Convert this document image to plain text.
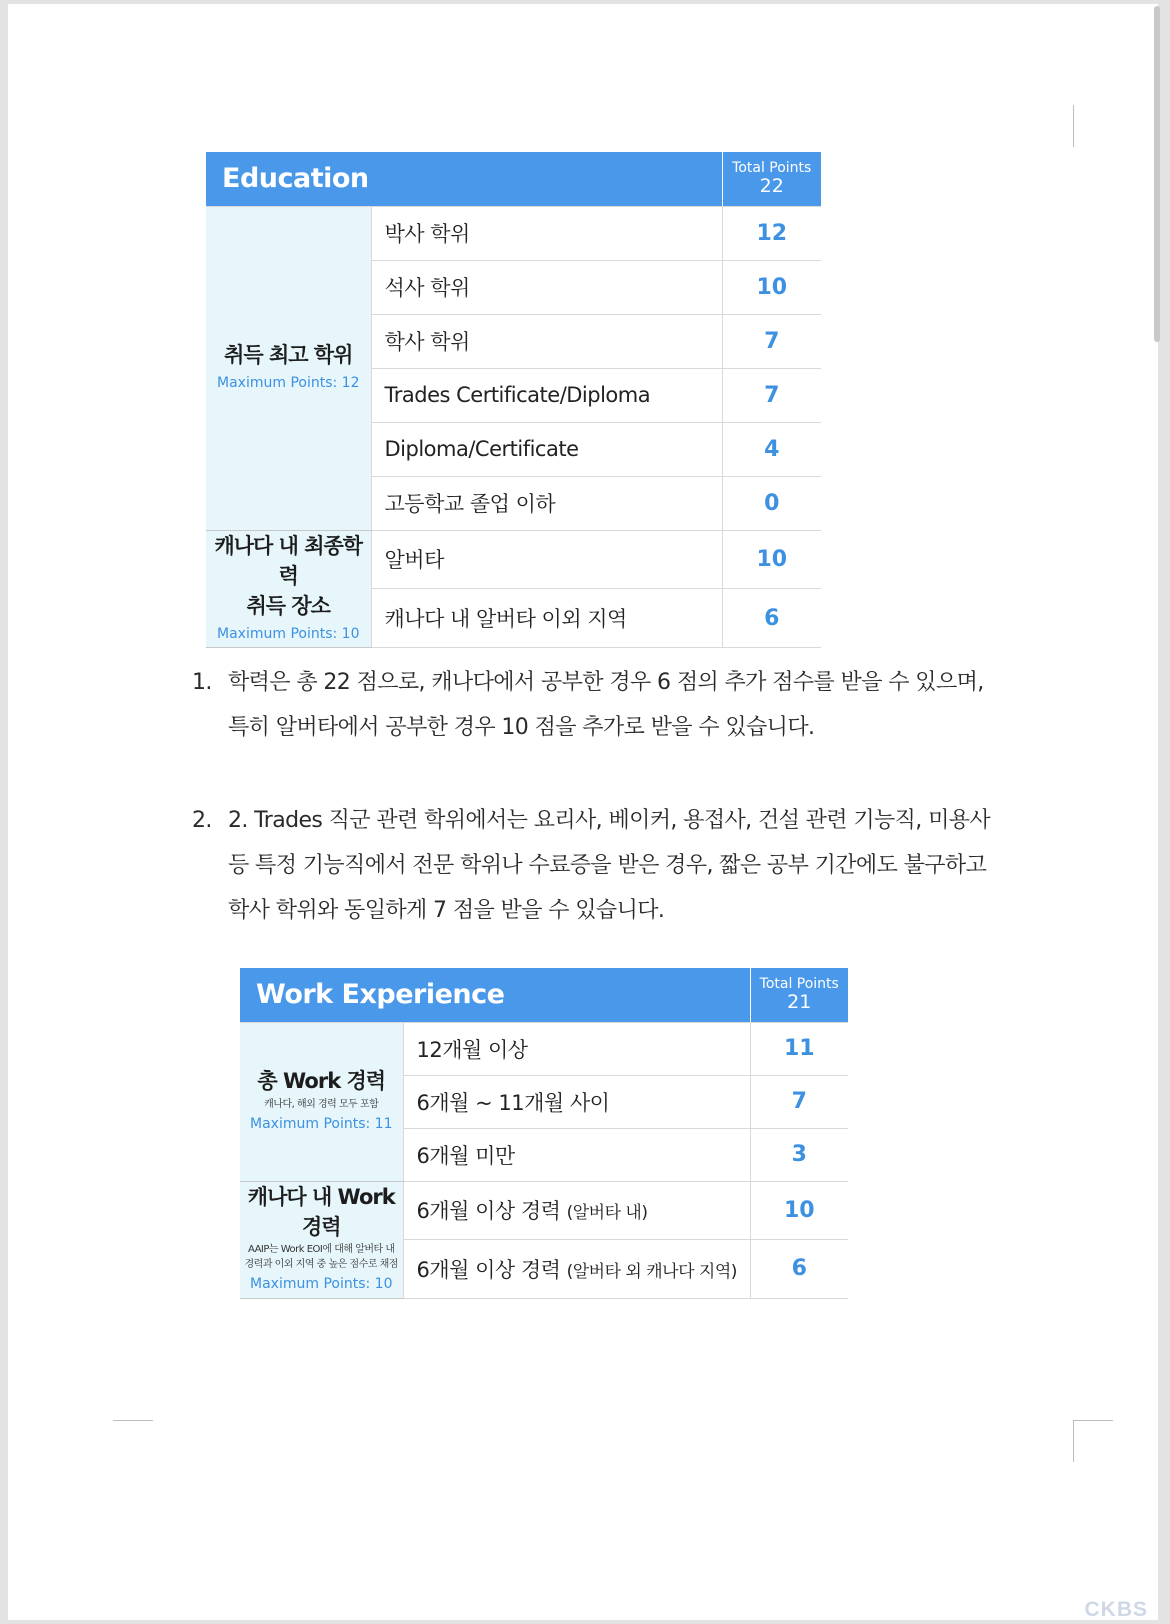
Education		Total Points
22

취득 최고 학위
Maximum Points: 12	박사 학위	12
	석사 학위	10
	학사 학위	7
	Trades Certificate/Diploma	7
	Diploma/Certificate	4
	고등학교 졸업 이하	0

캐나다 내 최종학력
취득 장소
Maximum Points: 10	알버타	10
	캐나다 내 알버타 이외 지역	6
1. 학력은 총 22 점으로, 캐나다에서 공부한 경우 6 점의 추가 점수를 받을 수 있으며,
특히 알버타에서 공부한 경우 10 점을 추가로 받을 수 있습니다.
2. 2. Trades 직군 관련 학위에서는 요리사, 베이커, 용접사, 건설 관련 기능직, 미용사
등 특정 기능직에서 전문 학위나 수료증을 받은 경우, 짧은 공부 기간에도 불구하고
학사 학위와 동일하게 7 점을 받을 수 있습니다.
Work Experience		Total Points
21

총 Work 경력
캐나다, 해외 경력 모두 포함
Maximum Points: 11	12개월 이상	11
	6개월 ~ 11개월 사이	7
	6개월 미만	3

캐나다 내 Work 경력
AAIP는 Work EOI에 대해 알버타 내
경력과 이외 지역 중 높은 점수로 채점
Maximum Points: 10	6개월 이상 경력 (알버타 내)	10
	6개월 이상 경력 (알버타 외 캐나다 지역)	6
CKBS
